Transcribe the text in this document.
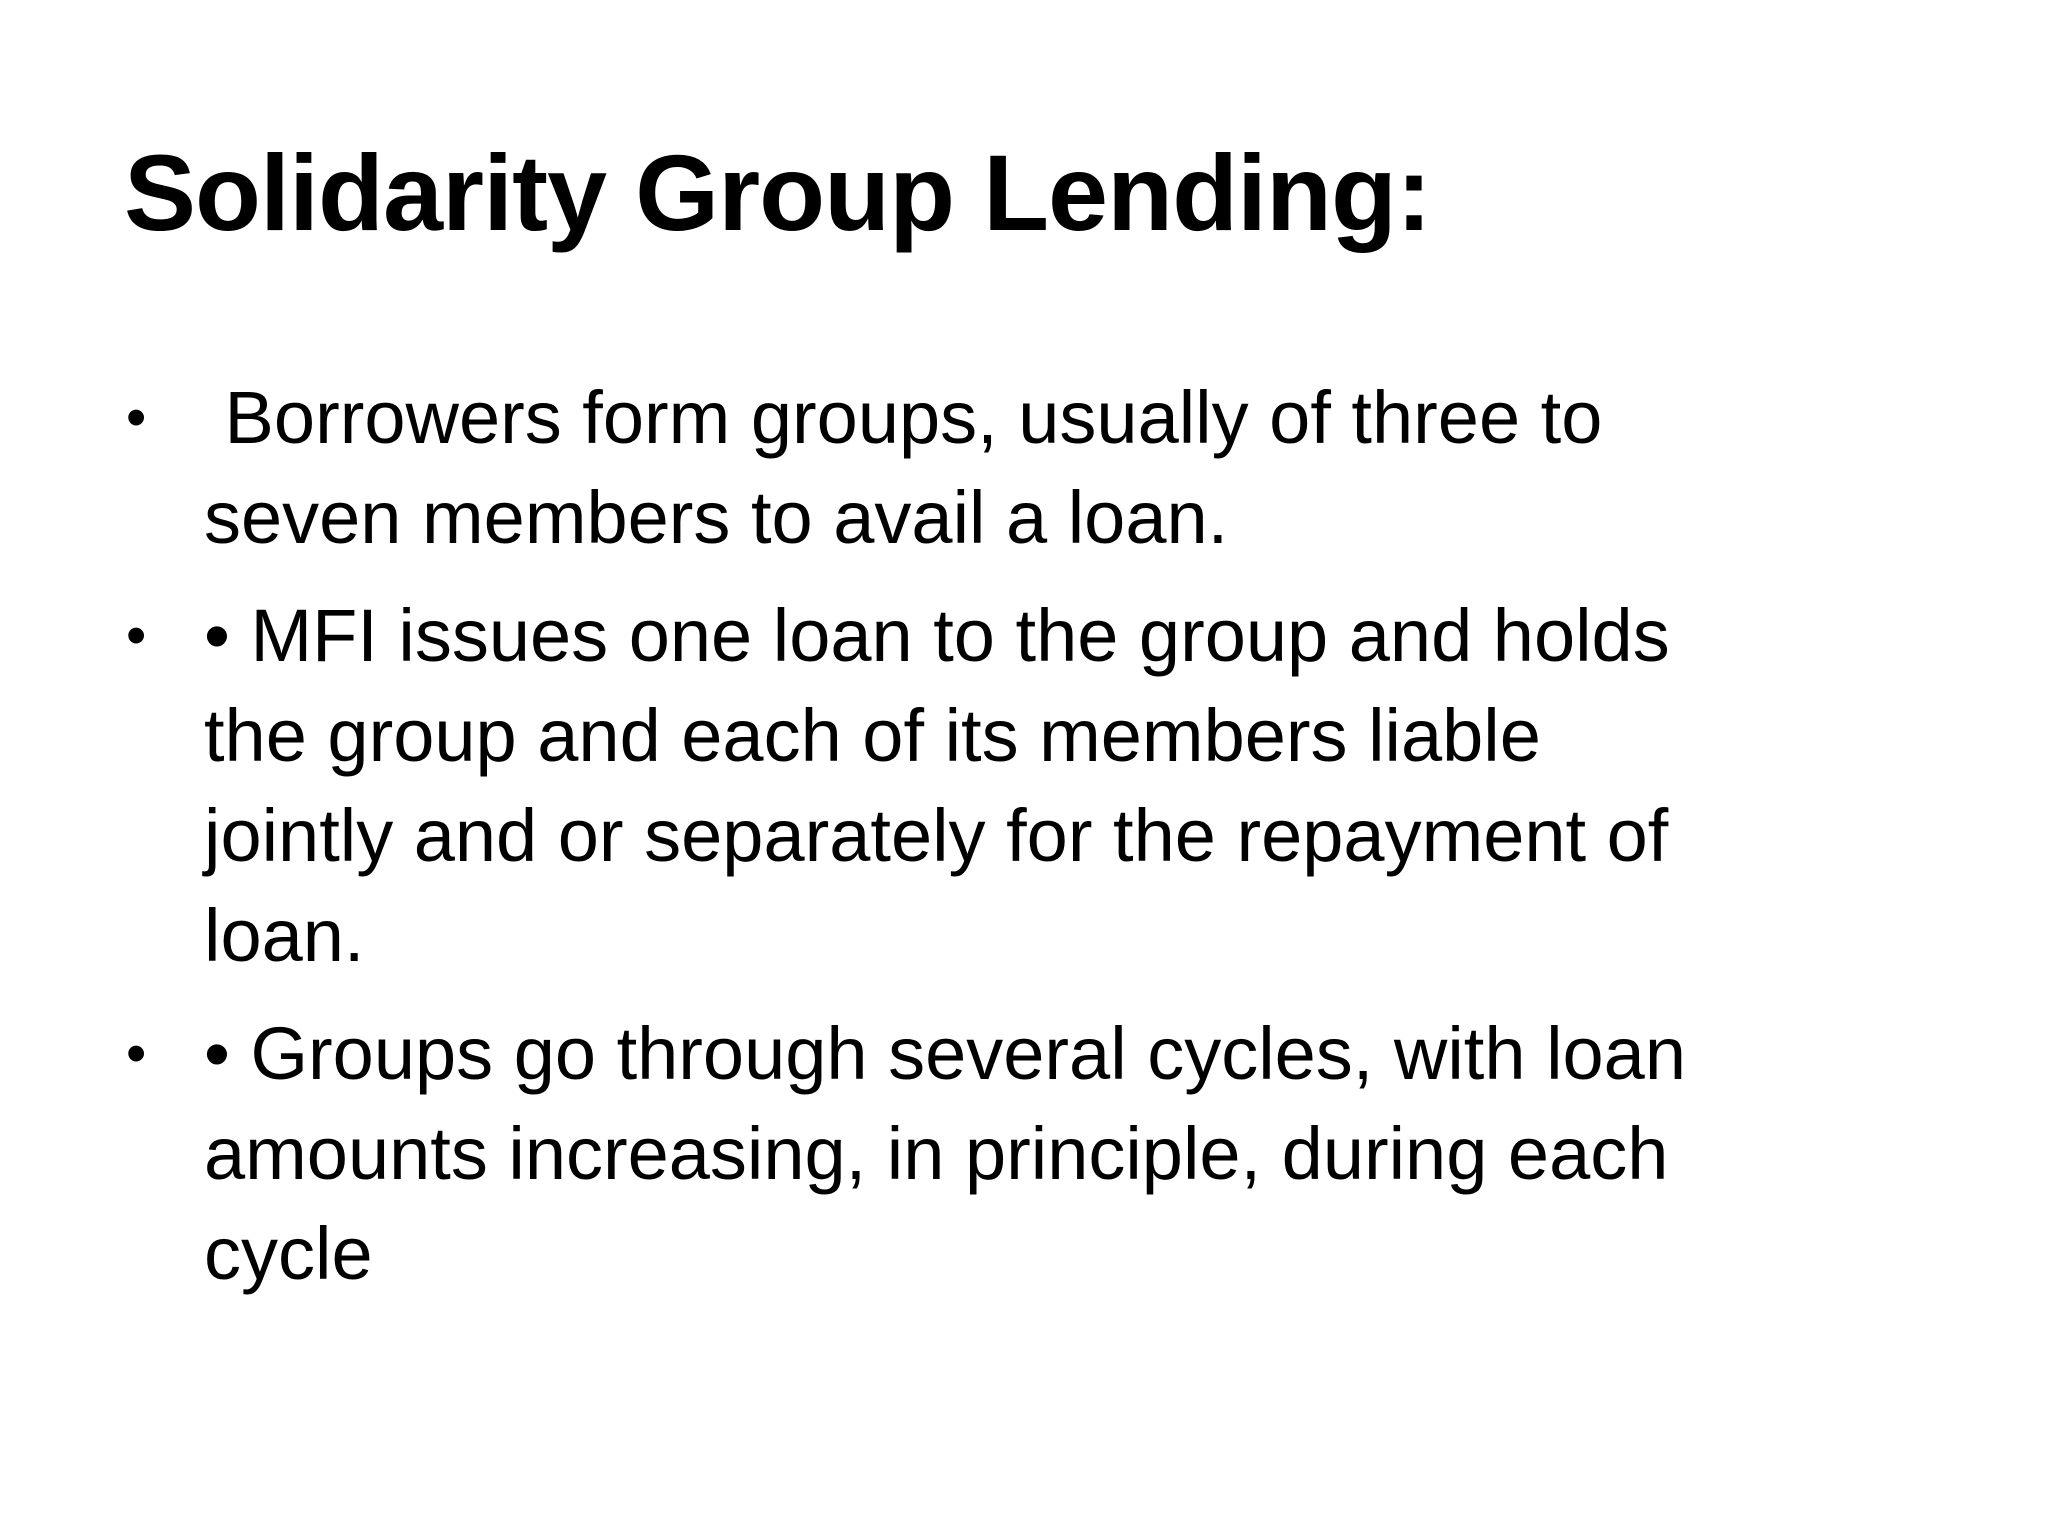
Solidarity Group Lending:
• Borrowers form groups, usually of three to
seven members to avail a loan.
• • MFI issues one loan to the group and holds
the group and each of its members liable
jointly and or separately for the repayment of
loan.
• • Groups go through several cycles, with loan
amounts increasing, in principle, during each
cycle
